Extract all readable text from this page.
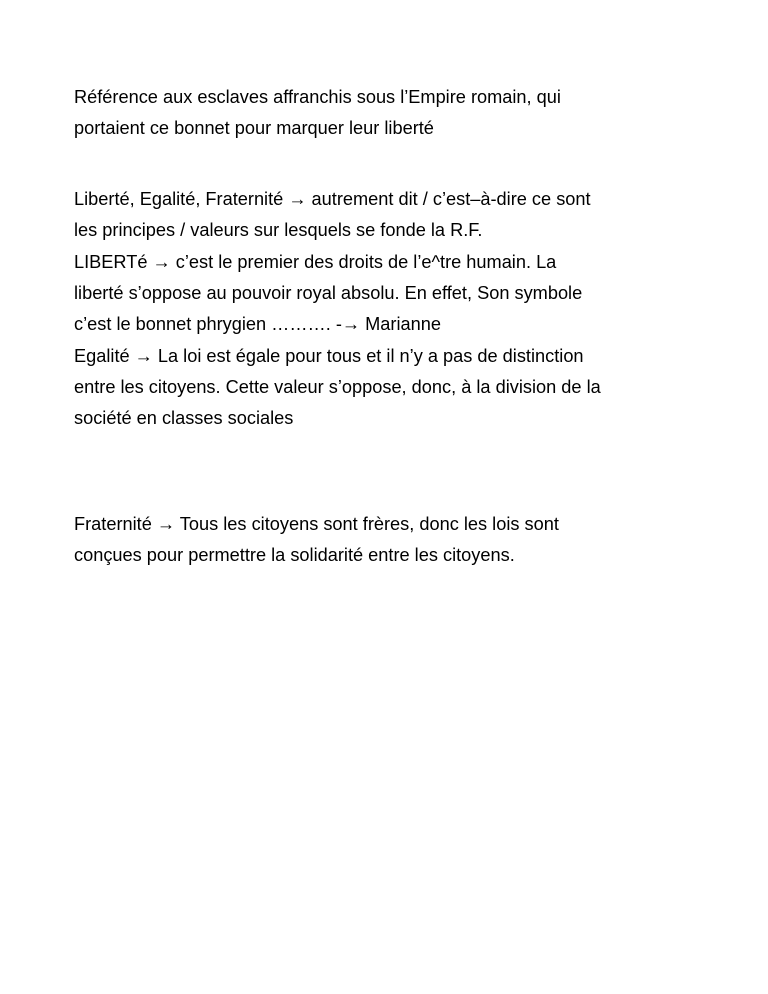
Référence aux esclaves affranchis sous l’Empire romain, qui
portaient ce bonnet pour marquer leur liberté

Liberté, Egalité, Fraternité → autrement dit / c’est–à-dire ce sont
les principes / valeurs sur lesquels se fonde la R.F.

LIBERTé → c’est le premier des droits de l’e^tre humain. La
liberté s’oppose au pouvoir royal absolu. En effet, Son symbole
c’est le bonnet phrygien ………. -→ Marianne

Egalité → La loi est égale pour tous et il n’y a pas de distinction
entre les citoyens. Cette valeur s’oppose, donc, à la division de la
société en classes sociales

Fraternité → Tous les citoyens sont frères, donc les lois sont
conçues pour permettre la solidarité entre les citoyens.
